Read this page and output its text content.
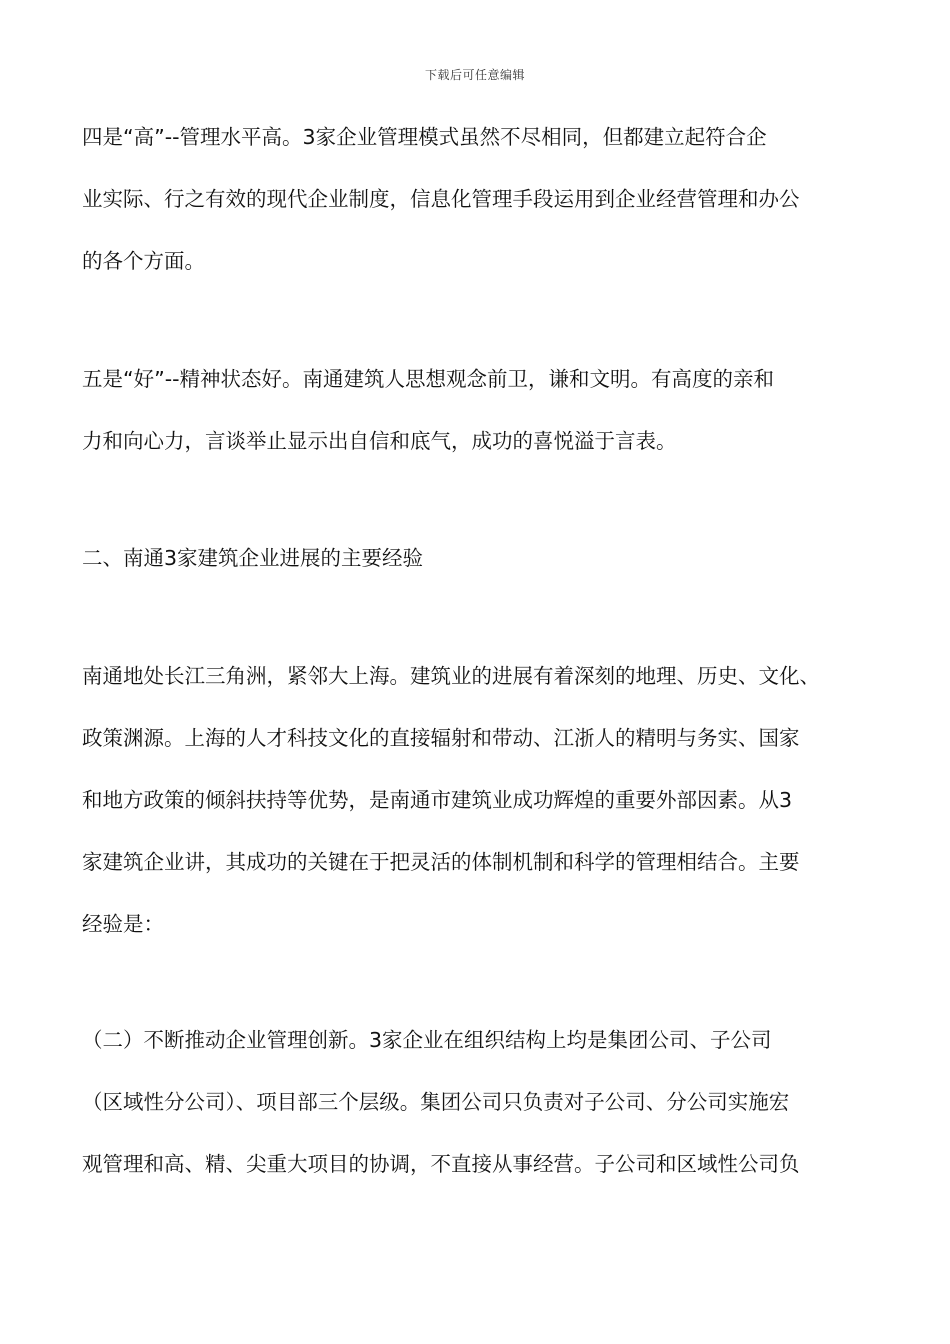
下载后可任意编辑
四是“高”--管理水平高。3家企业管理模式虽然不尽相同，但都建立起符合企
业实际、行之有效的现代企业制度，信息化管理手段运用到企业经营管理和办公
的各个方面。
五是“好”--精神状态好。南通建筑人思想观念前卫，谦和文明。有高度的亲和
力和向心力，言谈举止显示出自信和底气，成功的喜悦溢于言表。
二、南通3家建筑企业进展的主要经验
南通地处长江三角洲，紧邻大上海。建筑业的进展有着深刻的地理、历史、文化、
政策渊源。上海的人才科技文化的直接辐射和带动、江浙人的精明与务实、国家
和地方政策的倾斜扶持等优势，是南通市建筑业成功辉煌的重要外部因素。从3
家建筑企业讲，其成功的关键在于把灵活的体制机制和科学的管理相结合。主要
经验是：
（二）不断推动企业管理创新。3家企业在组织结构上均是集团公司、子公司
（区域性分公司）、项目部三个层级。集团公司只负责对子公司、分公司实施宏
观管理和高、精、尖重大项目的协调，不直接从事经营。子公司和区域性公司负
